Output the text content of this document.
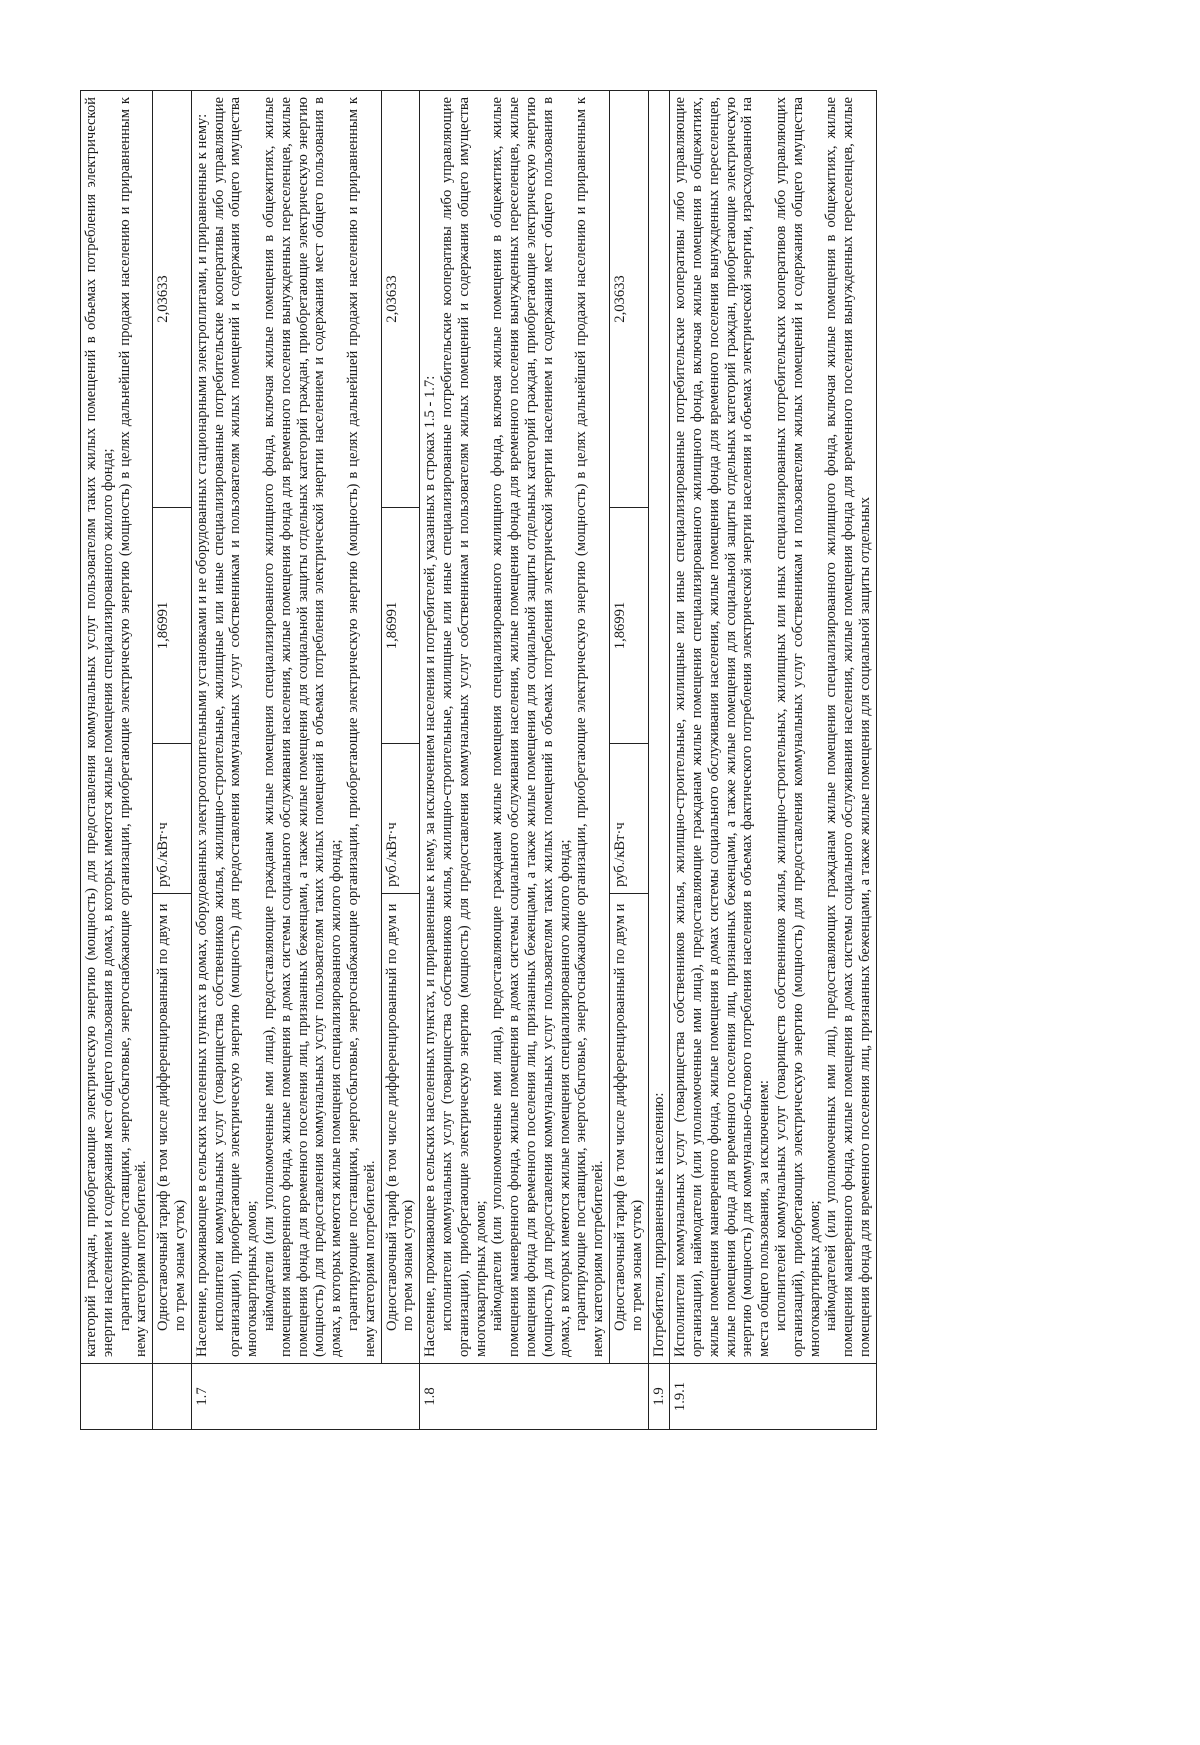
	категорий граждан, приобретающие электрическую энергию (мощность) для предоставления коммунальных услуг пользователям таких жилых помещений в объемах потребления электрической энергии населением и содержания мест общего пользования в домах, в которых имеются жилые помещения специализированного жилого фонда; гарантирующие поставщики, энергосбытовые, энергоснабжающие организации, приобретающие электрическую энергию (мощность) в целях дальнейшей продажи населению и приравненным к нему категориям потребителей.			

	Одноставочный тариф (в том числе дифференцированный по двум и по трем зонам суток)	руб./кВт·ч	1,86991	2,03633
1.7	Население, проживающее в сельских населенных пунктах в домах, оборудованных электроотопительными установками и не оборудованных стационарными электроплитами, и приравненные к нему: исполнители коммунальных услуг (товарищества собственников жилья, жилищно-строительные, жилищные или иные специализированные потребительские кооперативы либо управляющие организации), приобретающие электрическую энергию (мощность) для предоставления коммунальных услуг собственникам и пользователям жилых помещений и содержания общего имущества многоквартирных домов; наймодатели (или уполномоченные ими лица), предоставляющие гражданам жилые помещения специализированного жилищного фонда, включая жилые помещения в общежитиях, жилые помещения маневренного фонда, жилые помещения в домах системы социального обслуживания населения, жилые помещения фонда для временного поселения вынужденных переселенцев, жилые помещения фонда для временного поселения лиц, признанных беженцами, а также жилые помещения для социальной защиты отдельных категорий граждан, приобретающие электрическую энергию (мощность) для предоставления коммунальных услуг пользователям таких жилых помещений в объемах потребления электрической энергии населением и содержания мест общего пользования в домах, в которых имеются жилые помещения специализированного жилого фонда; гарантирующие поставщики, энергосбытовые, энергоснабжающие организации, приобретающие электрическую энергию (мощность) в целях дальнейшей продажи населению и приравненным к нему категориям потребителей.			

	Одноставочный тариф (в том числе дифференцированный по двум и по трем зонам суток)	руб./кВт·ч	1,86991	2,03633
1.8	Население, проживающее в сельских населенных пунктах, и приравненные к нему, за исключением населения и потребителей, указанных в строках 1.5 - 1.7: исполнители коммунальных услуг (товарищества собственников жилья, жилищно-строительные, жилищные или иные специализированные потребительские кооперативы либо управляющие организации), приобретающие электрическую энергию (мощность) для предоставления коммунальных услуг собственникам и пользователям жилых помещений и содержания общего имущества многоквартирных домов; наймодатели (или уполномоченные ими лица), предоставляющие гражданам жилые помещения специализированного жилищного фонда, включая жилые помещения в общежитиях, жилые помещения маневренного фонда, жилые помещения в домах системы социального обслуживания населения, жилые помещения фонда для временного поселения вынужденных переселенцев, жилые помещения фонда для временного поселения лиц, признанных беженцами, а также жилые помещения для социальной защиты отдельных категорий граждан, приобретающие электрическую энергию (мощность) для предоставления коммунальных услуг пользователям таких жилых помещений в объемах потребления электрической энергии населением и содержания мест общего пользования в домах, в которых имеются жилые помещения специализированного жилого фонда; гарантирующие поставщики, энергосбытовые, энергоснабжающие организации, приобретающие электрическую энергию (мощность) в целях дальнейшей продажи населению и приравненным к нему категориям потребителей.			

	Одноставочный тариф (в том числе дифференцированный по двум и по трем зонам суток)	руб./кВт·ч	1,86991	2,03633
1.9	Потребители, приравненные к населению:			

1.9.1	Исполнители коммунальных услуг (товарищества собственников жилья, жилищно-строительные, жилищные или иные специализированные потребительские кооперативы либо управляющие организации), наймодатели (или уполномоченные ими лица), предоставляющие гражданам жилые помещения специализированного жилищного фонда, включая жилые помещения в общежитиях, жилые помещения маневренного фонда, жилые помещения в домах системы социального обслуживания населения, жилые помещения фонда для временного поселения вынужденных переселенцев, жилые помещения фонда для временного поселения лиц, признанных беженцами, а также жилые помещения для социальной защиты отдельных категорий граждан, приобретающие электрическую энергию (мощность) для коммунально-бытового потребления населения в объемах фактического потребления электрической энергии населения и объемах электрической энергии, израсходованной на места общего пользования, за исключением: исполнителей коммунальных услуг (товариществ собственников жилья, жилищно-строительных, жилищных или иных специализированных потребительских кооперативов либо управляющих организаций), приобретающих электрическую энергию (мощность) для предоставления коммунальных услуг собственникам и пользователям жилых помещений и содержания общего имущества многоквартирных домов; наймодателей (или уполномоченных ими лиц), предоставляющих гражданам жилые помещения специализированного жилищного фонда, включая жилые помещения в общежитиях, жилые помещения маневренного фонда, жилые помещения в домах системы социального обслуживания населения, жилые помещения фонда для временного поселения вынужденных переселенцев, жилые помещения фонда для временного поселения лиц, признанных беженцами, а также жилые помещения для социальной защиты отдельных			
